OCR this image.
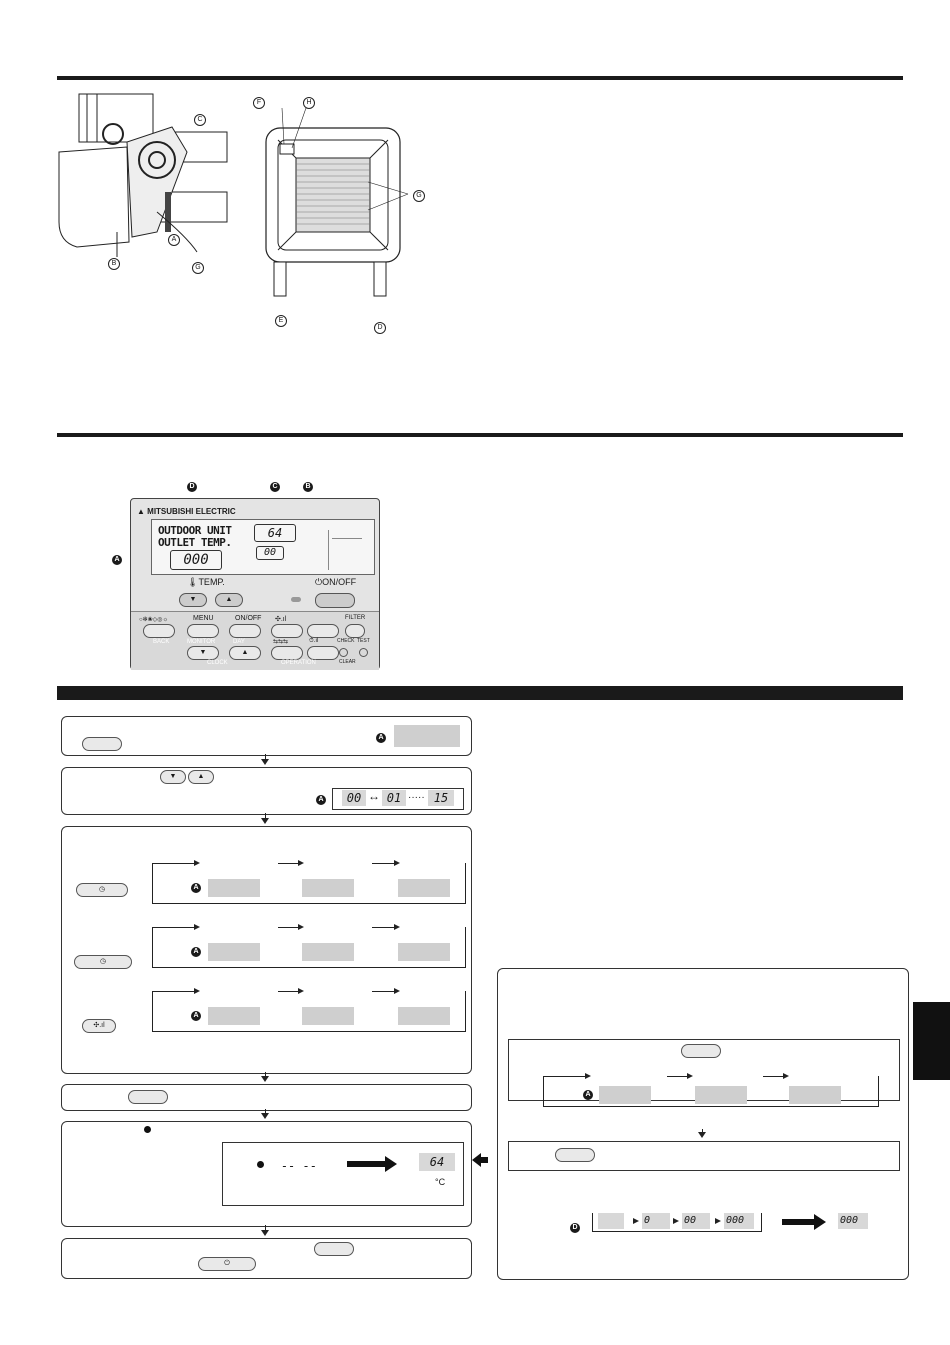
C
B
A
G
F	H
G
E
D
D	C	B
A
▲ MITSUBISHI ELECTRIC
OUTDOOR UNIT
OUTLET TEMP.
64
00
000
🌡TEMP.
▼	▲
⏻ON/OFF
○✻❀◇◎☼	MENU	ON/OFF ✣.ıl	FILTER
BACK	MONITOR	DAY	⇆⇆⇆	⏱.ıl	CHECK TEST
▼	▲
CLOCK	OPERATION	CLEAR
A
▼	▲
A	00 ↔ 01 ····· 15
◷	A
◷
A
✣.ıl
A
-- --	64
°C
⏻
A
D
0	00	000	000
